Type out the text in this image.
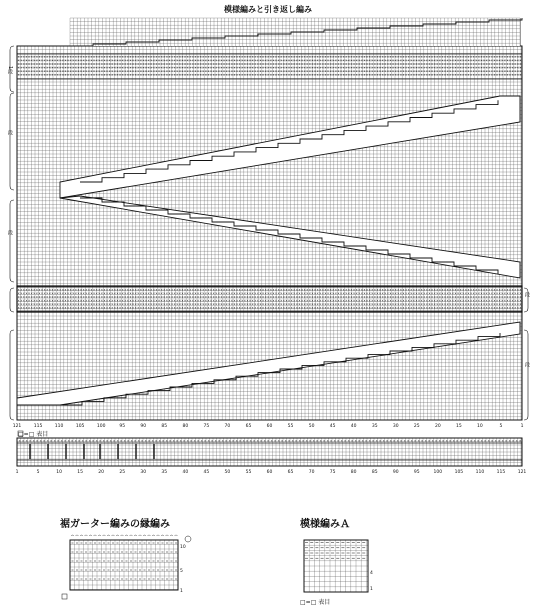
模様編みと引き返し編み
121	115	110	105	100	95	90	85	80	75	70	65	60	55	50	45	40	35	30	25	20	15	10	5	1
□=□ 表目
1	5	10	15	20	25	30	35	40	45	50	55	60	65	70	75	80	85	90	95	100	105	110	115	121
裾ガーター編みの縁編み
10
5
1
模様編みＡ
4
1
□=□ 表目
1段
段
段
段
段
